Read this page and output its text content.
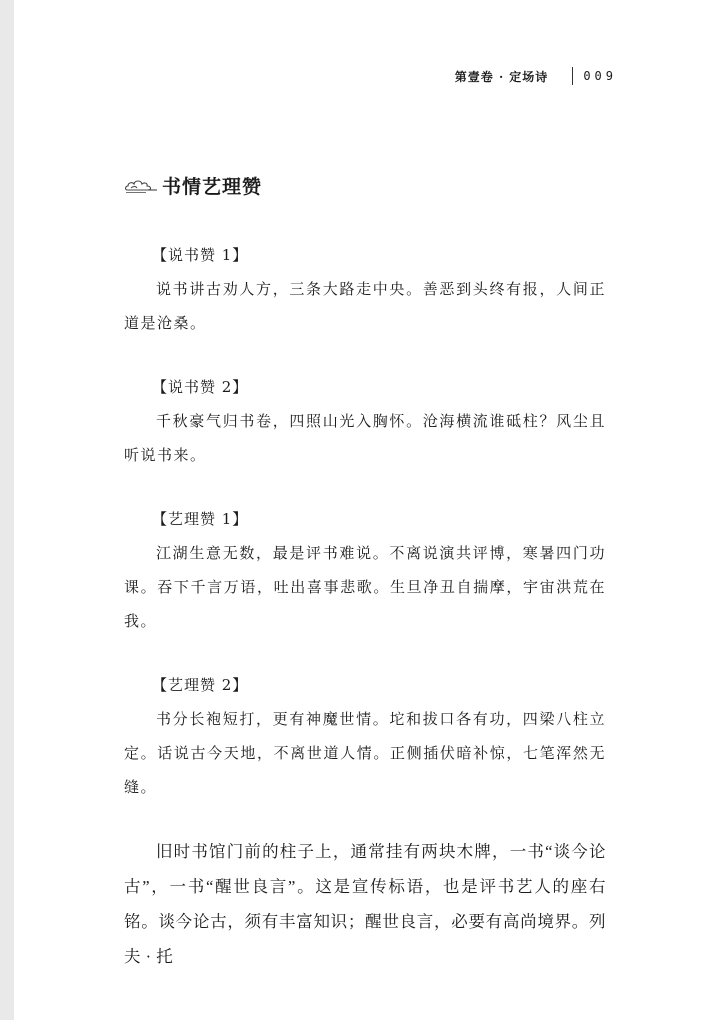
第壹卷 · 定场诗	009
书情艺理赞
【说书赞 1】
说书讲古劝人方，三条大路走中央。善恶到头终有报，人间正道是沧桑。
【说书赞 2】
千秋豪气归书卷，四照山光入胸怀。沧海横流谁砥柱？风尘且听说书来。
【艺理赞 1】
江湖生意无数，最是评书难说。不离说演共评博，寒暑四门功课。吞下千言万语，吐出喜事悲歌。生旦净丑自揣摩，宇宙洪荒在我。
【艺理赞 2】
书分长袍短打，更有神魔世情。坨和拔口各有功，四梁八柱立定。话说古今天地，不离世道人情。正侧插伏暗补惊，七笔浑然无缝。
旧时书馆门前的柱子上，通常挂有两块木牌，一书“谈今论古”，一书“醒世良言”。这是宣传标语，也是评书艺人的座右铭。谈今论古，须有丰富知识；醒世良言，必要有高尚境界。列夫 · 托
